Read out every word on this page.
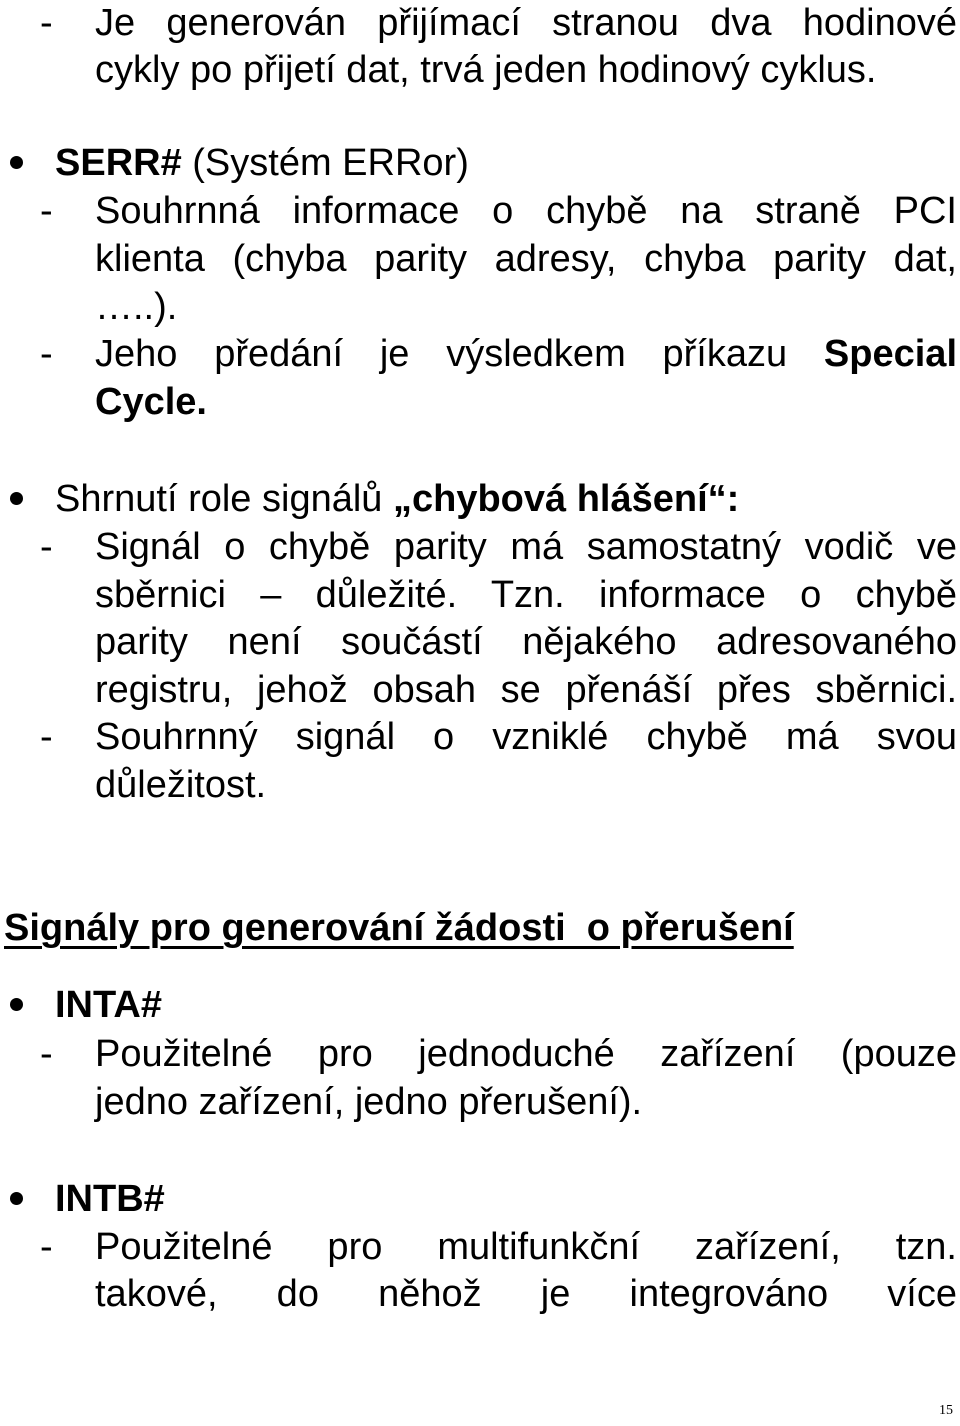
- Je generován přijímací stranou dva hodinové
cykly po přijetí dat, trvá jeden hodinový cyklus.
SERR# (Systém ERRor)
- Souhrnná informace o chybě na straně PCI
klienta (chyba parity adresy, chyba parity dat,
…..).
- Jeho předání je výsledkem příkazu Special
Cycle.
Shrnutí role signálů „chybová hlášení“:
- Signál o chybě parity má samostatný vodič ve
sběrnici – důležité. Tzn. informace o chybě
parity není součástí nějakého adresovaného
registru, jehož obsah se přenáší přes sběrnici.
- Souhrnný signál o vzniklé chybě má svou
důležitost.
Signály pro generování žádosti  o přerušení
INTA#
- Použitelné pro jednoduché zařízení (pouze
jedno zařízení, jedno přerušení).
INTB#
- Použitelné pro multifunkční zařízení, tzn.
takové, do něhož je integrováno více
15
